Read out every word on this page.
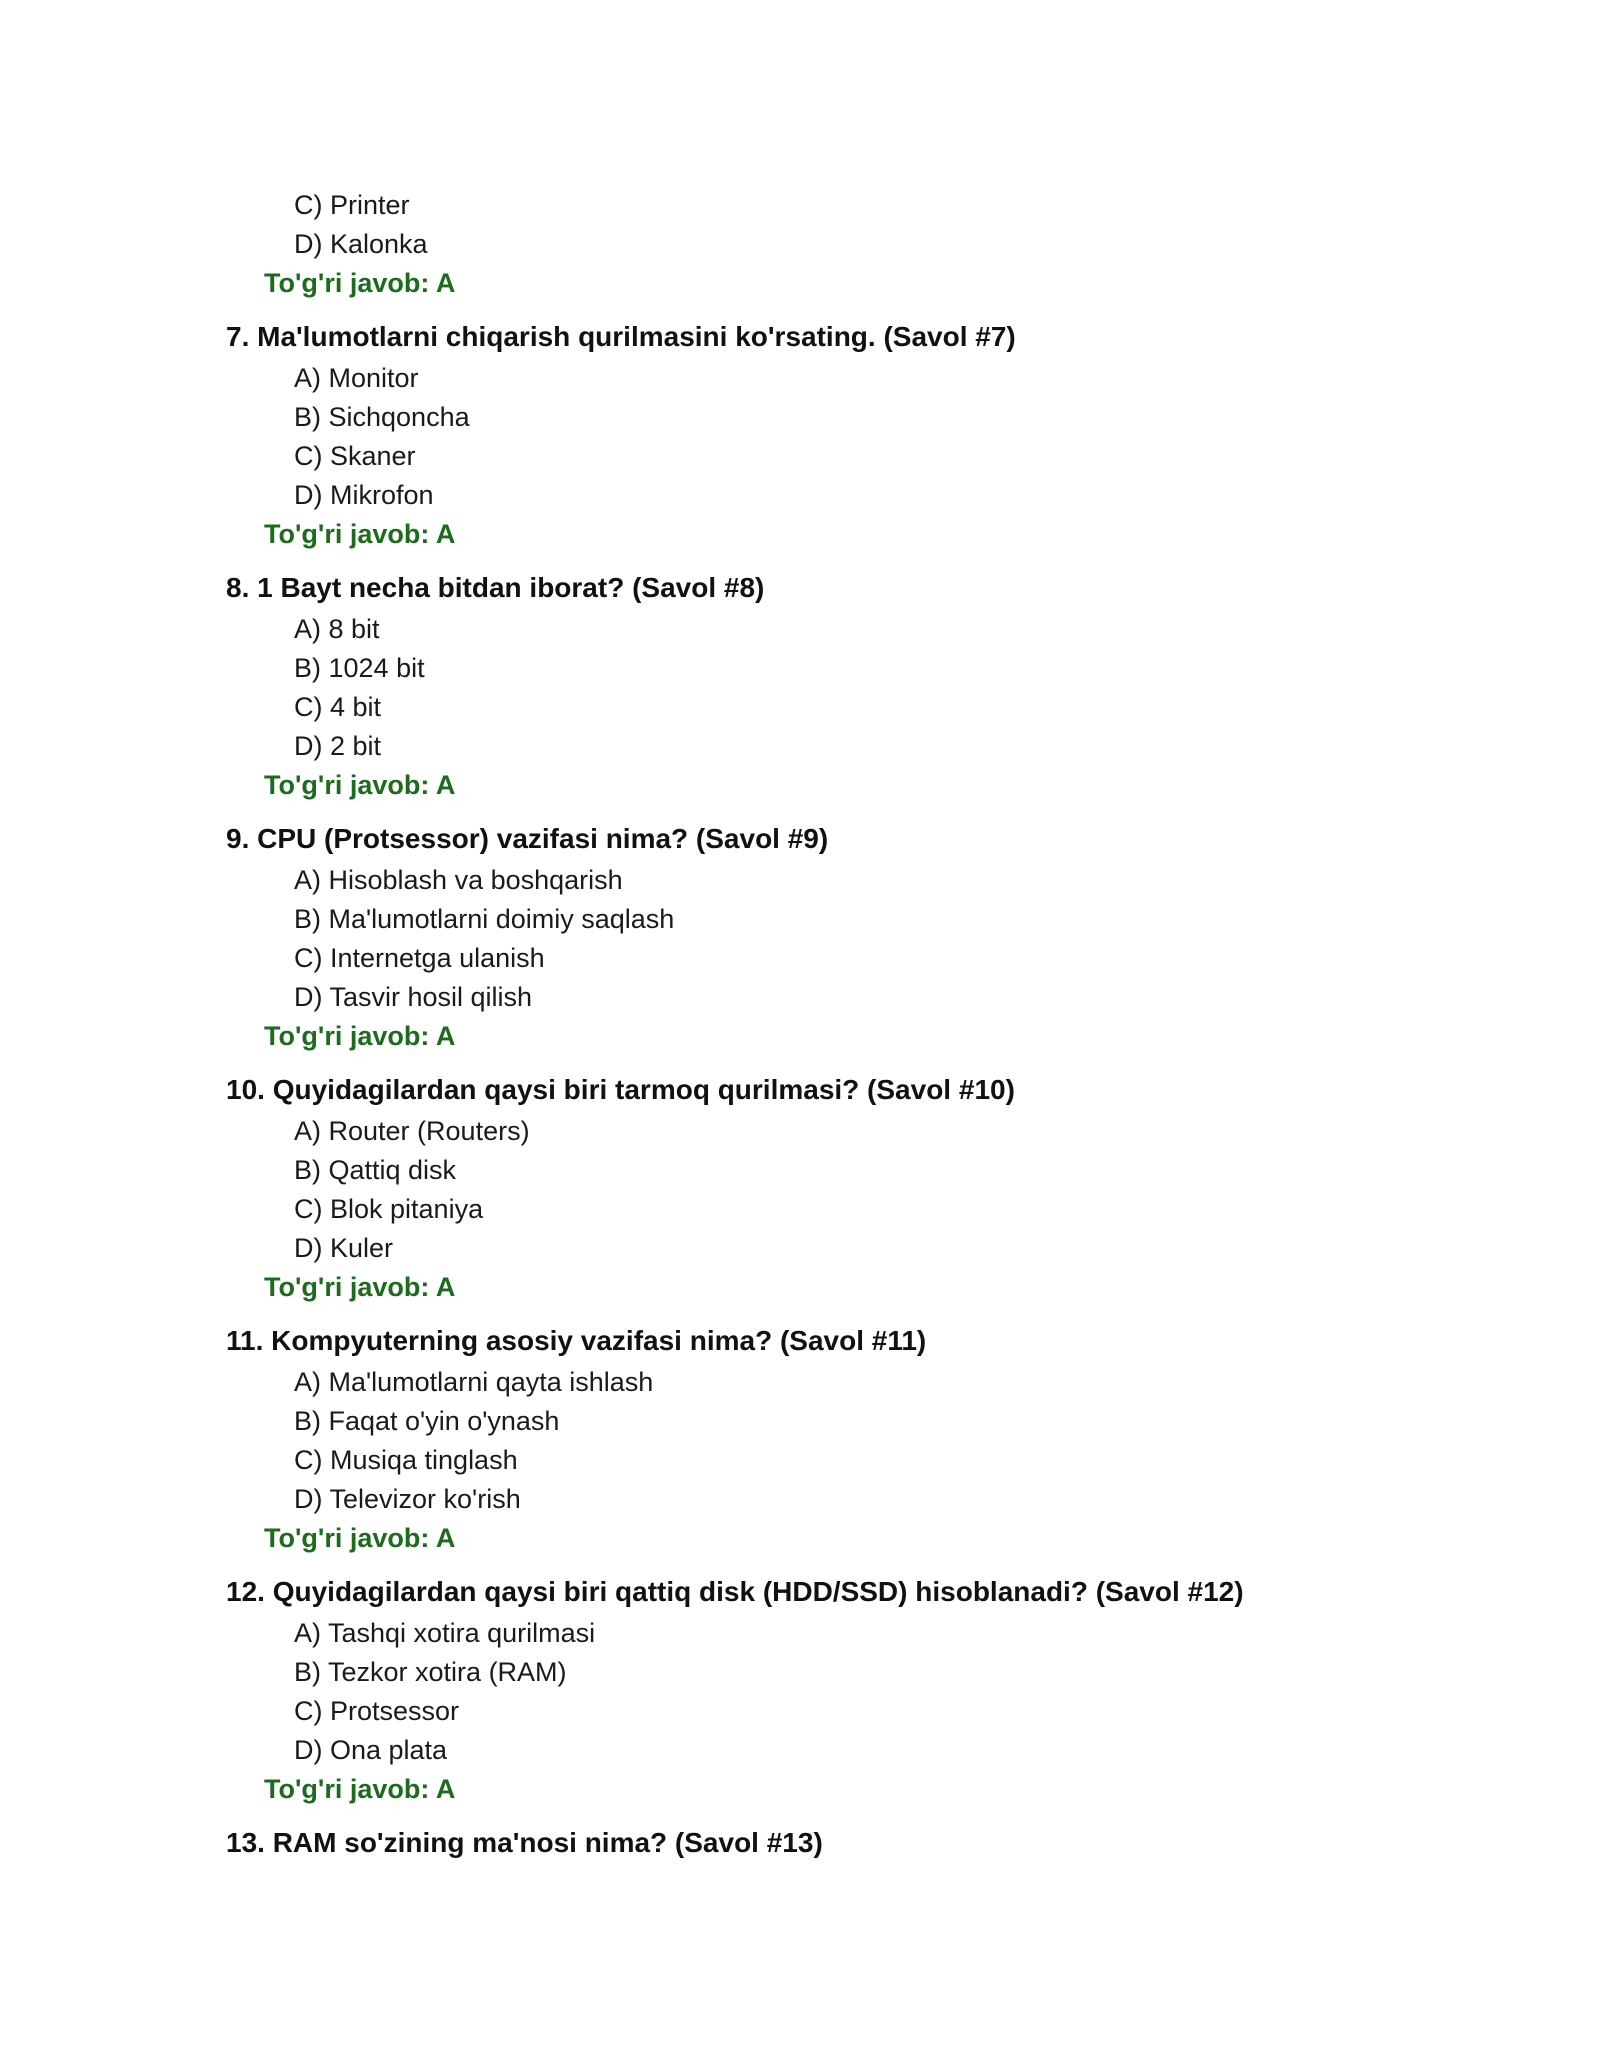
C) Printer
D) Kalonka
To'g'ri javob: A
7. Ma'lumotlarni chiqarish qurilmasini ko'rsating. (Savol #7)
A) Monitor
B) Sichqoncha
C) Skaner
D) Mikrofon
To'g'ri javob: A
8. 1 Bayt necha bitdan iborat? (Savol #8)
A) 8 bit
B) 1024 bit
C) 4 bit
D) 2 bit
To'g'ri javob: A
9. CPU (Protsessor) vazifasi nima? (Savol #9)
A) Hisoblash va boshqarish
B) Ma'lumotlarni doimiy saqlash
C) Internetga ulanish
D) Tasvir hosil qilish
To'g'ri javob: A
10. Quyidagilardan qaysi biri tarmoq qurilmasi? (Savol #10)
A) Router (Routers)
B) Qattiq disk
C) Blok pitaniya
D) Kuler
To'g'ri javob: A
11. Kompyuterning asosiy vazifasi nima? (Savol #11)
A) Ma'lumotlarni qayta ishlash
B) Faqat o'yin o'ynash
C) Musiqa tinglash
D) Televizor ko'rish
To'g'ri javob: A
12. Quyidagilardan qaysi biri qattiq disk (HDD/SSD) hisoblanadi? (Savol #12)
A) Tashqi xotira qurilmasi
B) Tezkor xotira (RAM)
C) Protsessor
D) Ona plata
To'g'ri javob: A
13. RAM so'zining ma'nosi nima? (Savol #13)
